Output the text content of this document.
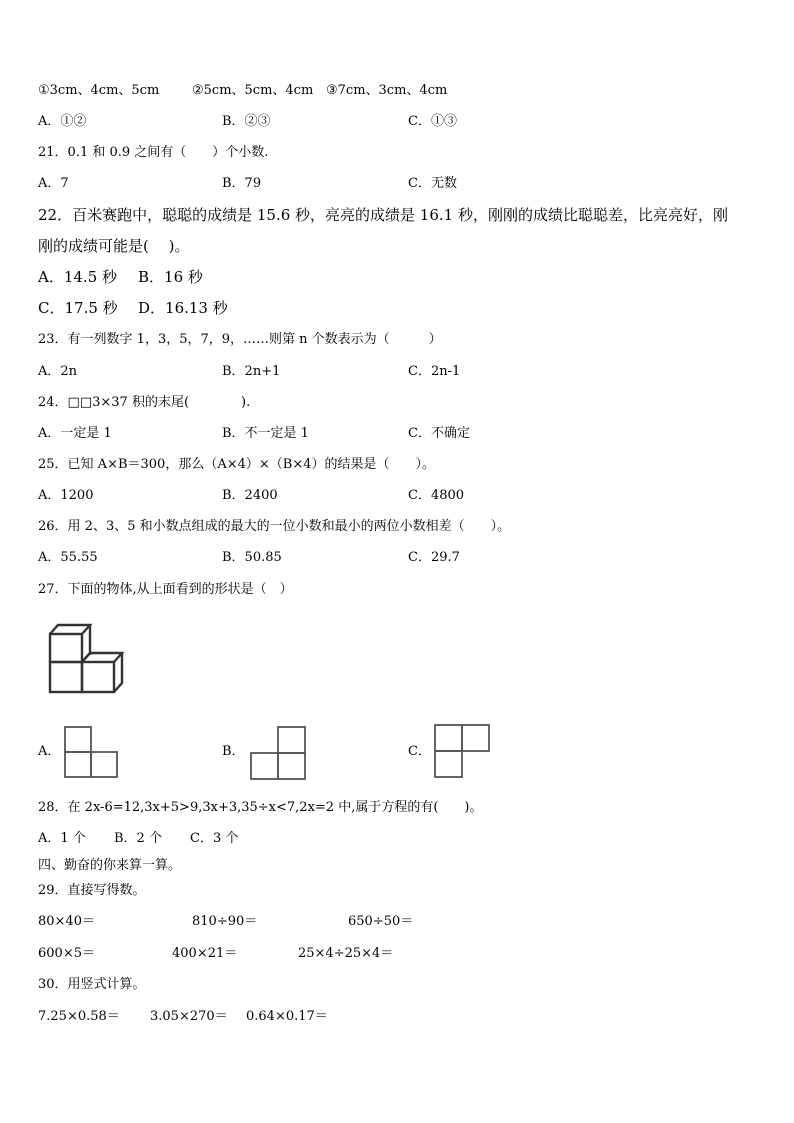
①3cm、4cm、5cm	②5cm、5cm、4cm ③7cm、3cm、4cm
A．①②	B．②③	C．①③
21．0.1 和 0.9 之间有（　　）个小数.
A．7	B．79	C．无数
22．百米赛跑中，聪聪的成绩是 15.6 秒，亮亮的成绩是 16.1 秒，刚刚的成绩比聪聪差，比亮亮好，刚
刚的成绩可能是(　 )。
A．14.5 秒 B．16 秒
C．17.5 秒 D．16.13 秒
23．有一列数字 1，3，5，7，9，……则第 n 个数表示为（　　　）
A．2n	B．2n+1	C．2n-1
24．□□3×37 积的末尾(　　　　).
A．一定是 1	B．不一定是 1	C．不确定
25．已知 A×B＝300，那么（A×4）×（B×4）的结果是（　　）。
A．1200	B．2400	C．4800
26．用 2、3、5 和小数点组成的最大的一位小数和最小的两位小数相差（　　）。
A．55.55	B．50.85	C．29.7
27．下面的物体,从上面看到的形状是（　）
A．	B．	C．
28．在 2x-6=12,3x+5>9,3x+3,35÷x<7,2x=2 中,属于方程的有(　　)。
A．1 个 B．2 个 C．3 个
四、勤奋的你来算一算。
29．直接写得数。
80×40＝	810÷90＝	650÷50＝
600×5＝	400×21＝	25×4÷25×4＝
30．用竖式计算。
7.25×0.58＝ 3.05×270＝ 0.64×0.17＝
